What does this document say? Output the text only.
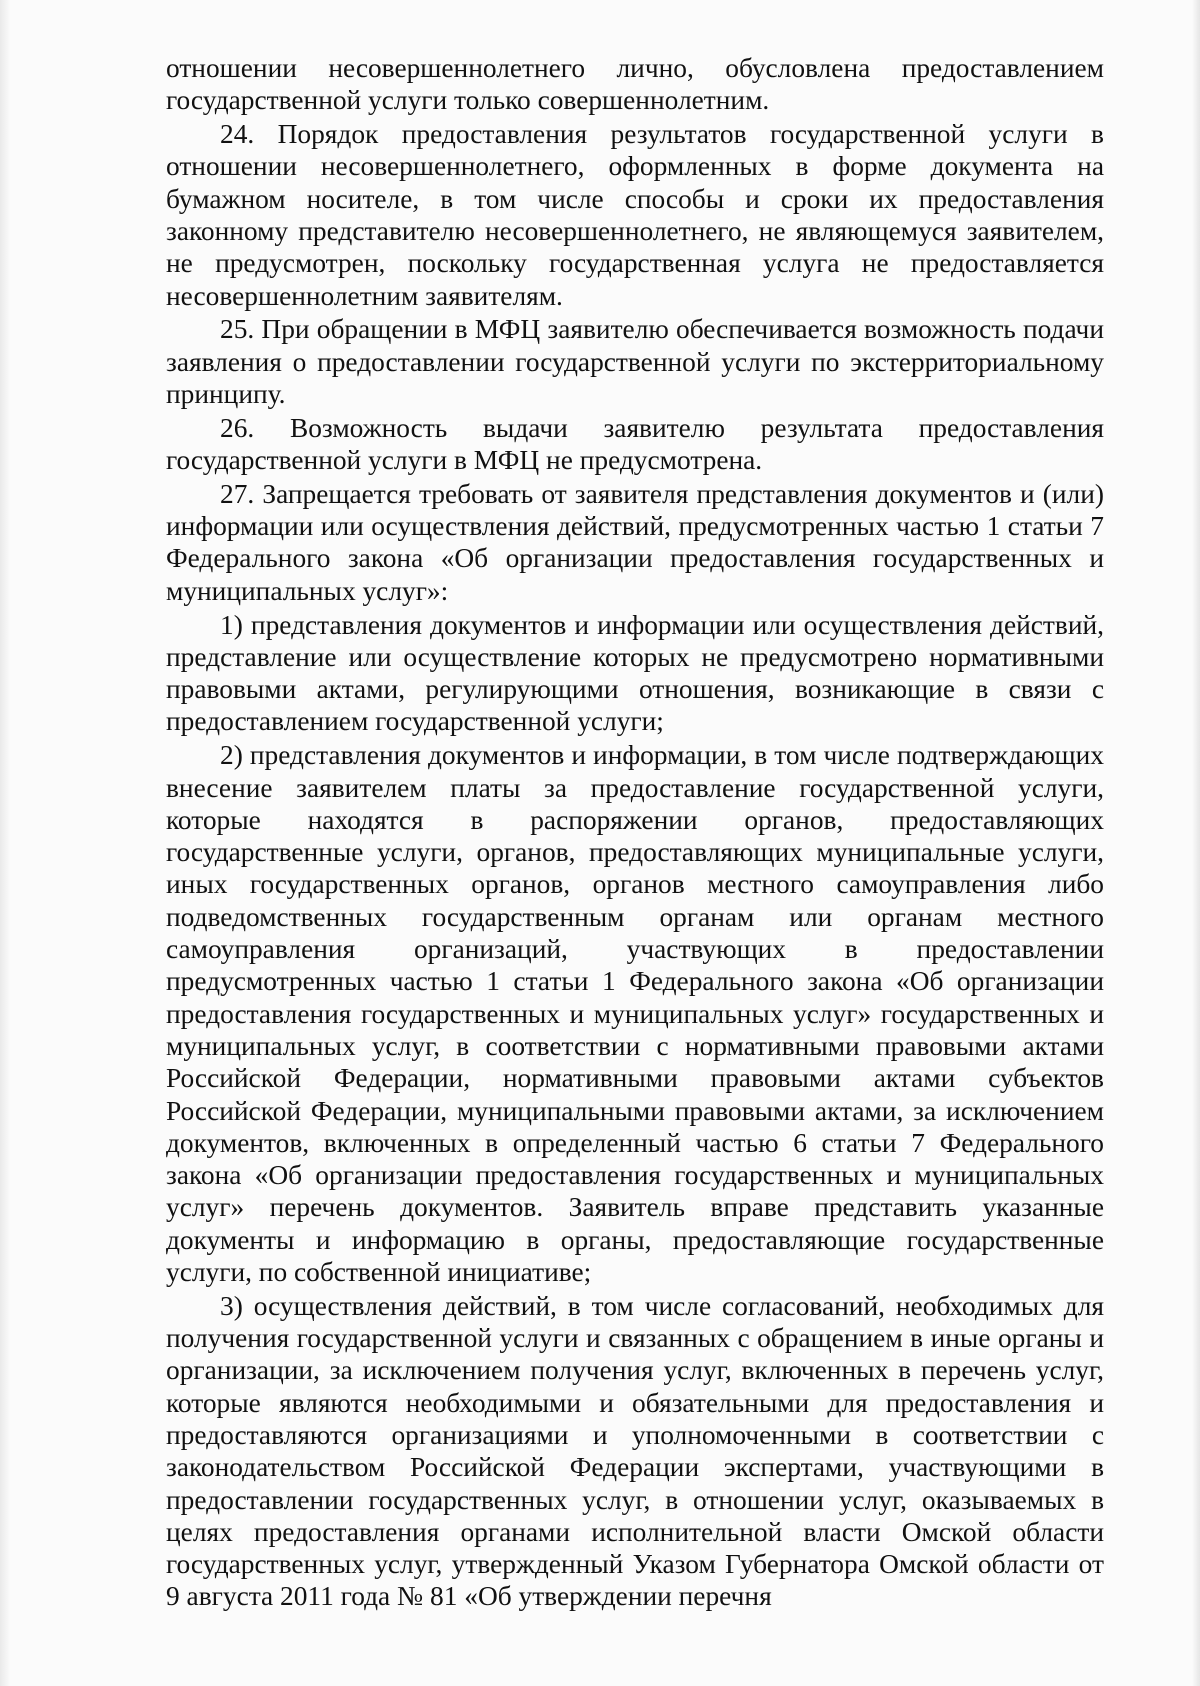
отношении несовершеннолетнего лично, обусловлена предоставлением государственной услуги только совершеннолетним.

24. Порядок предоставления результатов государственной услуги в отношении несовершеннолетнего, оформленных в форме документа на бумажном носителе, в том числе способы и сроки их предоставления законному представителю несовершеннолетнего, не являющемуся заявителем, не предусмотрен, поскольку государственная услуга не предоставляется несовершеннолетним заявителям.

25. При обращении в МФЦ заявителю обеспечивается возможность подачи заявления о предоставлении государственной услуги по экстерриториальному принципу.

26. Возможность выдачи заявителю результата предоставления государственной услуги в МФЦ не предусмотрена.

27. Запрещается требовать от заявителя представления документов и (или) информации или осуществления действий, предусмотренных частью 1 статьи 7 Федерального закона «Об организации предоставления государственных и муниципальных услуг»:

1) представления документов и информации или осуществления действий, представление или осуществление которых не предусмотрено нормативными правовыми актами, регулирующими отношения, возникающие в связи с предоставлением государственной услуги;

2) представления документов и информации, в том числе подтверждающих внесение заявителем платы за предоставление государственной услуги, которые находятся в распоряжении органов, предоставляющих государственные услуги, органов, предоставляющих муниципальные услуги, иных государственных органов, органов местного самоуправления либо подведомственных государственным органам или органам местного самоуправления организаций, участвующих в предоставлении предусмотренных частью 1 статьи 1 Федерального закона «Об организации предоставления государственных и муниципальных услуг» государственных и муниципальных услуг, в соответствии с нормативными правовыми актами Российской Федерации, нормативными правовыми актами субъектов Российской Федерации, муниципальными правовыми актами, за исключением документов, включенных в определенный частью 6 статьи 7 Федерального закона «Об организации предоставления государственных и муниципальных услуг» перечень документов. Заявитель вправе представить указанные документы и информацию в органы, предоставляющие государственные услуги, по собственной инициативе;

3) осуществления действий, в том числе согласований, необходимых для получения государственной услуги и связанных с обращением в иные органы и организации, за исключением получения услуг, включенных в перечень услуг, которые являются необходимыми и обязательными для предоставления и предоставляются организациями и уполномоченными в соответствии с законодательством Российской Федерации экспертами, участвующими в предоставлении государственных услуг, в отношении услуг, оказываемых в целях предоставления органами исполнительной власти Омской области государственных услуг, утвержденный Указом Губернатора Омской области от 9 августа 2011 года № 81 «Об утверждении перечня
